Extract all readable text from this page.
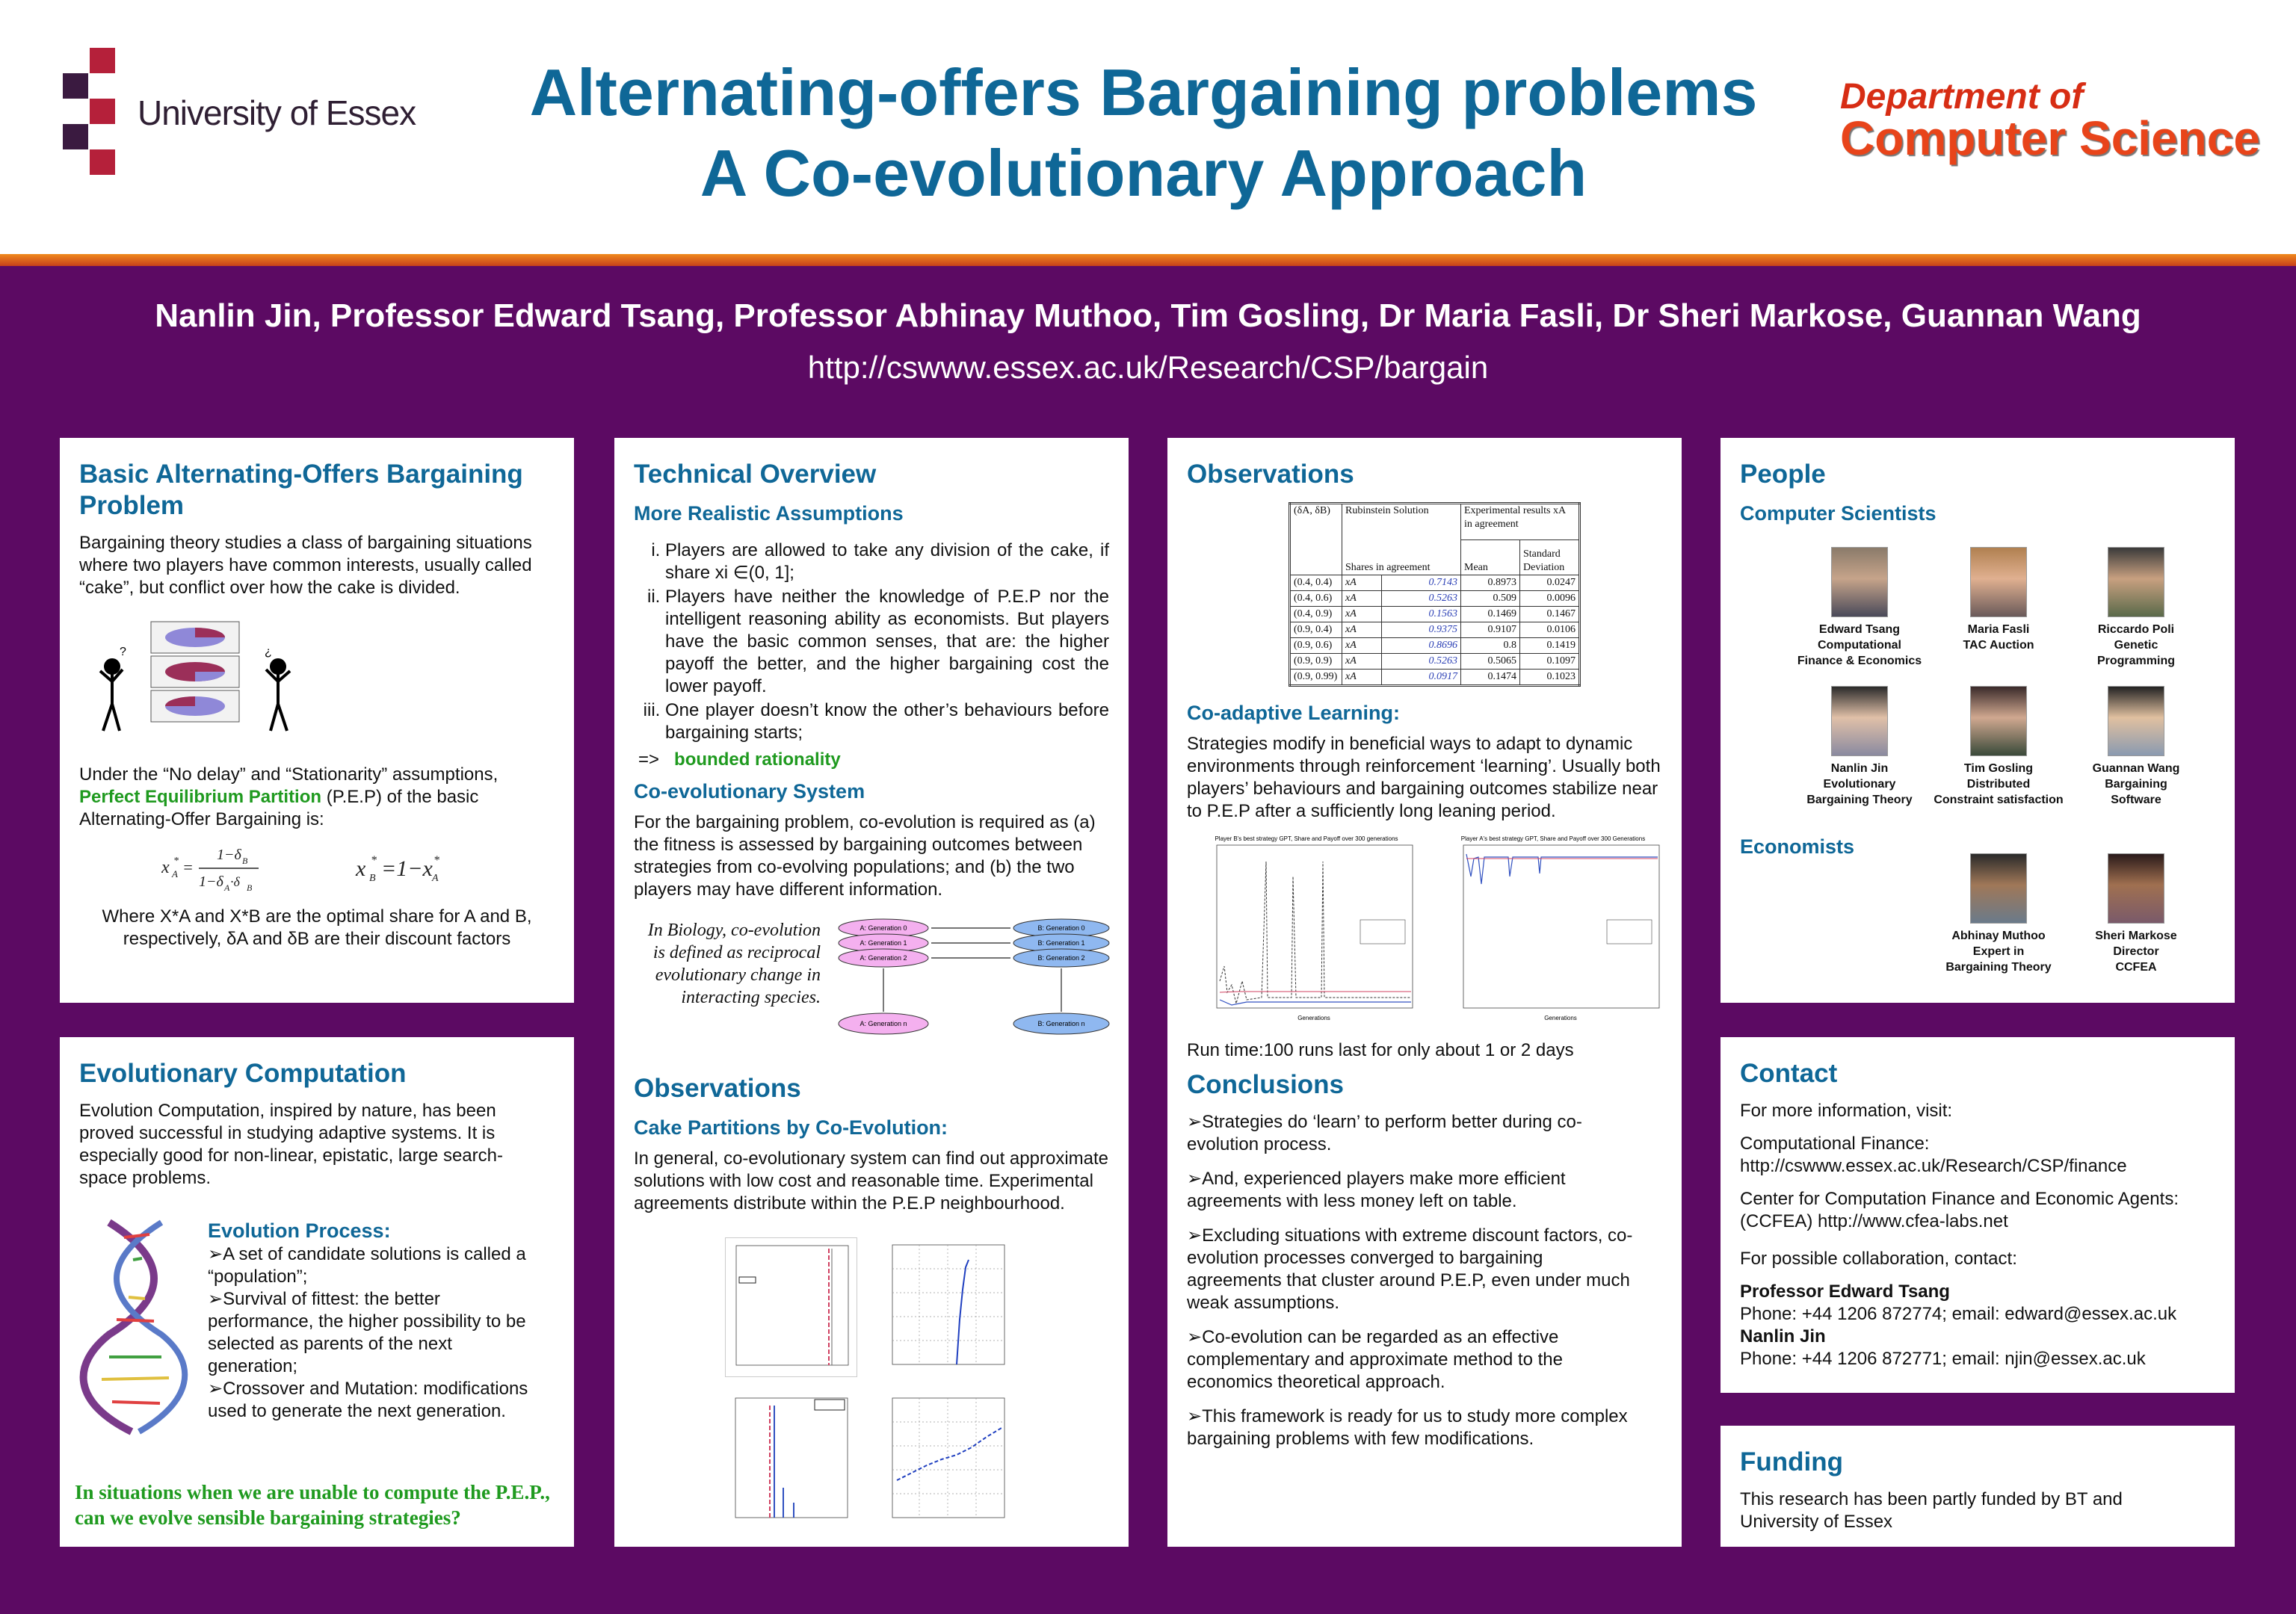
University of Essex	Alternating-offers Bargaining problems
A Co-evolutionary Approach
Department of
Computer Science
Nanlin Jin, Professor Edward Tsang, Professor Abhinay Muthoo, Tim Gosling, Dr Maria Fasli, Dr Sheri Markose, Guannan Wang
http://cswww.essex.ac.uk/Research/CSP/bargain
Basic Alternating-Offers Bargaining Problem

Bargaining theory studies a class of bargaining situations where two players have common interests, usually called “cake”, but conflict over how the cake is divided.

?	¿

Under the “No delay” and “Stationarity” assumptions, Perfect Equilibrium Partition (P.E.P) of the basic Alternating-Offer Bargaining is:

x A
* =
1−δ B
1−δ A ·δ B
x B
* =1−x A
*

Where X*A and X*B are the optimal share for A and B, respectively, δA and δB are their discount factors

Evolutionary Computation

Evolution Computation, inspired by nature, has been proved successful in studying adaptive systems. It is especially good for non-linear, epistatic, large search-space problems.

Evolution Process:
➢A set of candidate solutions is called a “population”;
➢Survival of fittest: the better performance, the higher possibility to be selected as parents of the next generation;
➢Crossover and Mutation: modifications used to generate the next generation.
In situations when we are unable to compute the P.E.P., can we evolve sensible bargaining strategies?
Technical Overview
More Realistic Assumptions
i. Players are allowed to take any division of the cake, if share xi ∈(0, 1];
ii. Players have neither the knowledge of P.E.P nor the intelligent reasoning ability as economists. But players have the basic common senses, that are: the higher payoff the better, and the higher bargaining cost the lower payoff.
iii. One player doesn’t know the other’s behaviours before bargaining starts;

=> bounded rationality

Co-evolutionary System

For the bargaining problem, co-evolution is required as (a) the fitness is assessed by bargaining outcomes between strategies from co-evolving populations; and (b) the two players may have different information.

In Biology, co-evolution is defined as reciprocal evolutionary change in interacting species.
A: Generation 0
A: Generation 1
A: Generation 2
A: Generation n
B: Generation 0
B: Generation 1
B: Generation 2
B: Generation n
Observations
Cake Partitions by Co-Evolution:

In general, co-evolutionary system can find out approximate solutions with low cost and reasonable time. Experimental agreements distribute within the P.E.P neighbourhood.

Observations
(δA, δB)	Rubinstein Solution		Experimental results xA in agreement	
	Shares in agreement		Mean	Standard Deviation
(0.4, 0.4)	xA	0.7143	0.8973	0.0247
(0.4, 0.6)	xA	0.5263	0.509	0.0096
(0.4, 0.9)	xA	0.1563	0.1469	0.1467
(0.9, 0.4)	xA	0.9375	0.9107	0.0106
(0.9, 0.6)	xA	0.8696	0.8	0.1419
(0.9, 0.9)	xA	0.5263	0.5065	0.1097
(0.9, 0.99)	xA	0.0917	0.1474	0.1023
Co-adaptive Learning:

Strategies modify in beneficial ways to adapt to dynamic environments through reinforcement ‘learning’. Usually both players’ behaviours and bargaining outcomes stabilize near to P.E.P after a sufficiently long leaning period.

Player B's best strategy GPT, Share and Payoff over 300 generations
Generations
Player A's best strategy GPT, Share and Payoff over 300 Generations
Generations

Run time:100 runs last for only about 1 or 2 days

Conclusions

➢Strategies do ‘learn’ to perform better during co-evolution process.

➢And, experienced players make more efficient agreements with less money left on table.

➢Excluding situations with extreme discount factors, co-evolution processes converged to bargaining agreements that cluster around P.E.P, even under much weak assumptions.

➢Co-evolution can be regarded as an effective complementary and approximate method to the economics theoretical approach.

➢This framework is ready for us to study more complex bargaining problems with few modifications.

People
Computer Scientists
Edward Tsang
Computational
Finance & Economics
Maria Fasli
TAC Auction
Riccardo Poli
Genetic
Programming
Nanlin Jin
Evolutionary
Bargaining Theory
Tim Gosling
Distributed
Constraint satisfaction
Guannan Wang
Bargaining
Software
Economists
Abhinay Muthoo
Expert in
Bargaining Theory
Sheri Markose
Director
CCFEA
Contact

For more information, visit:

Computational Finance:
http://cswww.essex.ac.uk/Research/CSP/finance

Center for Computation Finance and Economic Agents: (CCFEA) http://www.cfea-labs.net

For possible collaboration, contact:

Professor Edward Tsang
Phone: +44 1206 872774; email: edward@essex.ac.uk
Nanlin Jin
Phone: +44 1206 872771; email: njin@essex.ac.uk
Funding

This research has been partly funded by BT and University of Essex
